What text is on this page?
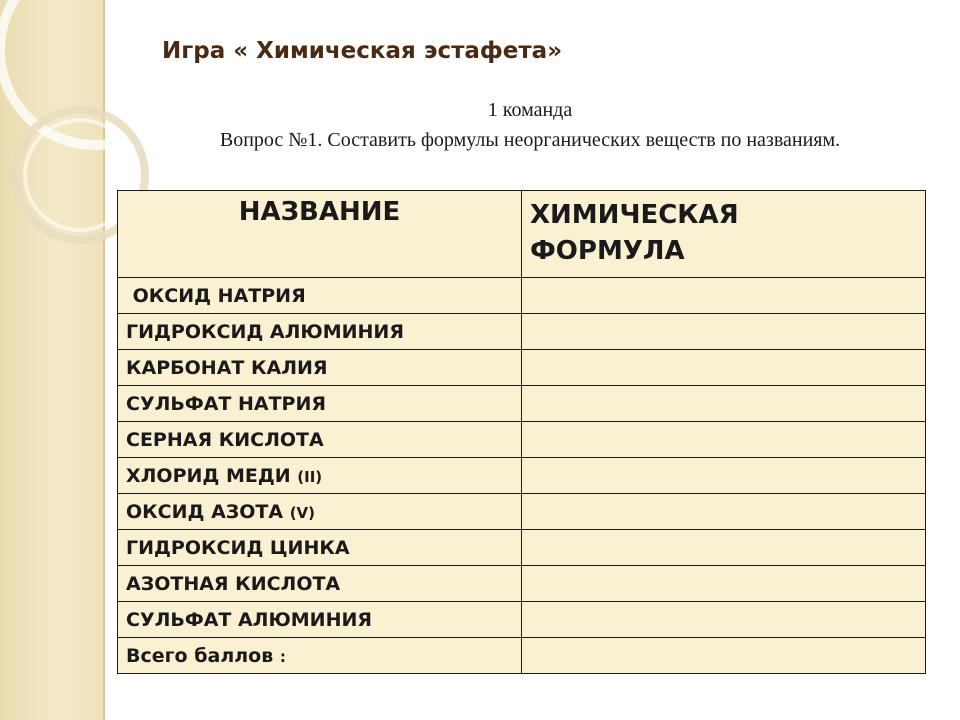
Игра « Химическая эстафета»
1 команда
Вопрос №1. Составить формулы неорганических веществ по названиям.
НАЗВАНИЕ	ХИМИЧЕСКАЯ
ФОРМУЛА
ОКСИД НАТРИЯ	
ГИДРОКСИД АЛЮМИНИЯ	
КАРБОНАТ КАЛИЯ	
СУЛЬФАТ НАТРИЯ	
СЕРНАЯ КИСЛОТА	
ХЛОРИД МЕДИ (II)	
ОКСИД АЗОТА (V)	
ГИДРОКСИД ЦИНКА	
АЗОТНАЯ КИСЛОТА	
СУЛЬФАТ АЛЮМИНИЯ	
Всего баллов :	
